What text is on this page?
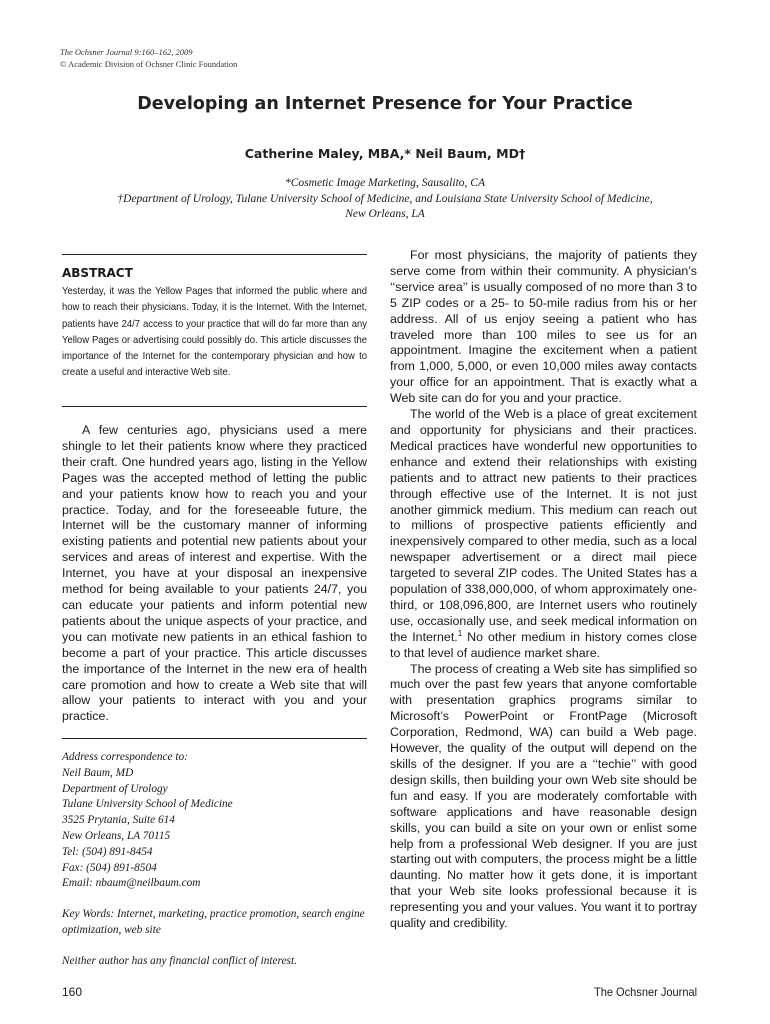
The Ochsner Journal 9:160–162, 2009
© Academic Division of Ochsner Clinic Foundation
Developing an Internet Presence for Your Practice
Catherine Maley, MBA,* Neil Baum, MD†
*Cosmetic Image Marketing, Sausalito, CA
†Department of Urology, Tulane University School of Medicine, and Louisiana State University School of Medicine,
New Orleans, LA
ABSTRACT
Yesterday, it was the Yellow Pages that informed the public where and how to reach their physicians. Today, it is the Internet. With the Internet, patients have 24/7 access to your practice that will do far more than any Yellow Pages or advertising could possibly do. This article discusses the importance of the Internet for the contemporary physician and how to create a useful and interactive Web site.

A few centuries ago, physicians used a mere shingle to let their patients know where they practiced their craft. One hundred years ago, listing in the Yellow Pages was the accepted method of letting the public and your patients know how to reach you and your practice. Today, and for the foreseeable future, the Internet will be the customary manner of informing existing patients and potential new patients about your services and areas of interest and expertise. With the Internet, you have at your disposal an inexpensive method for being available to your patients 24/7, you can educate your patients and inform potential new patients about the unique aspects of your practice, and you can motivate new patients in an ethical fashion to become a part of your practice. This article discusses the importance of the Internet in the new era of health care promotion and how to create a Web site that will allow your patients to interact with you and your practice.

Address correspondence to:
Neil Baum, MD
Department of Urology
Tulane University School of Medicine
3525 Prytania, Suite 614
New Orleans, LA 70115
Tel: (504) 891-8454
Fax: (504) 891-8504
Email: nbaum@neilbaum.com
Key Words: Internet, marketing, practice promotion, search engine optimization, web site
Neither author has any financial conflict of interest.

For most physicians, the majority of patients they serve come from within their community. A physician’s ‘‘service area’’ is usually composed of no more than 3 to 5 ZIP codes or a 25- to 50-mile radius from his or her address. All of us enjoy seeing a patient who has traveled more than 100 miles to see us for an appointment. Imagine the excitement when a patient from 1,000, 5,000, or even 10,000 miles away contacts your office for an appointment. That is exactly what a Web site can do for you and your practice.

The world of the Web is a place of great excitement and opportunity for physicians and their practices. Medical practices have wonderful new opportunities to enhance and extend their relationships with existing patients and to attract new patients to their practices through effective use of the Internet. It is not just another gimmick medium. This medium can reach out to millions of prospective patients efficiently and inexpensively compared to other media, such as a local newspaper advertisement or a direct mail piece targeted to several ZIP codes. The United States has a population of 338,000,000, of whom approximately one-third, or 108,096,800, are Internet users who routinely use, occasionally use, and seek medical information on the Internet.$^1$ No other medium in history comes close to that level of audience market share.

The process of creating a Web site has simplified so much over the past few years that anyone comfortable with presentation graphics programs similar to Microsoft’s PowerPoint or FrontPage (Microsoft Corporation, Redmond, WA) can build a Web page. However, the quality of the output will depend on the skills of the designer. If you are a ‘‘techie’’ with good design skills, then building your own Web site should be fun and easy. If you are moderately comfortable with software applications and have reasonable design skills, you can build a site on your own or enlist some help from a professional Web designer. If you are just starting out with computers, the process might be a little daunting. No matter how it gets done, it is important that your Web site looks professional because it is representing you and your values. You want it to portray quality and credibility.

160	The Ochsner Journal
